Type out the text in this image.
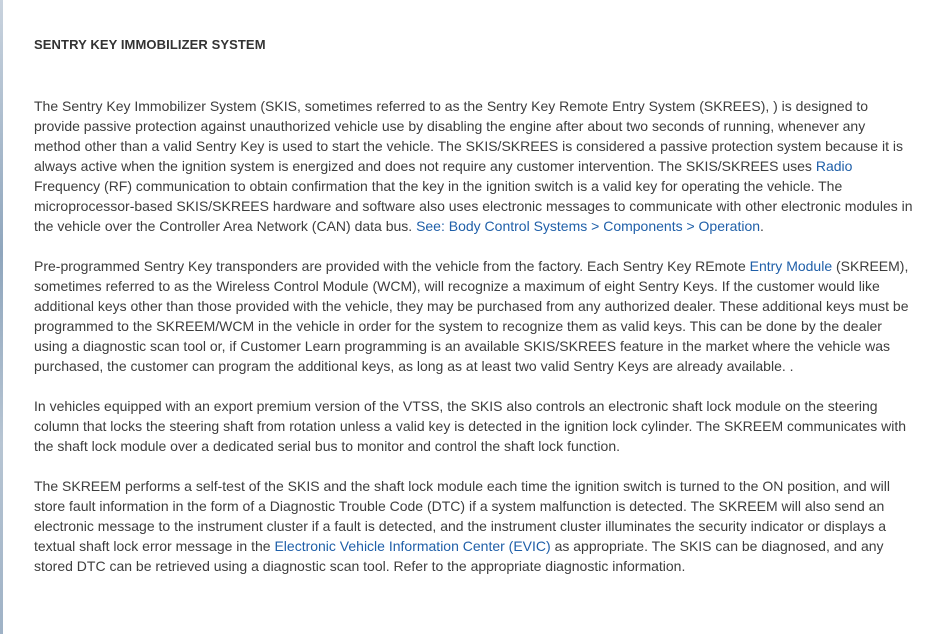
SENTRY KEY IMMOBILIZER SYSTEM

The Sentry Key Immobilizer System (SKIS, sometimes referred to as the Sentry Key Remote Entry System (SKREES), ) is designed to provide passive protection against unauthorized vehicle use by disabling the engine after about two seconds of running, whenever any method other than a valid Sentry Key is used to start the vehicle. The SKIS/SKREES is considered a passive protection system because it is always active when the ignition system is energized and does not require any customer intervention. The SKIS/SKREES uses Radio Frequency (RF) communication to obtain confirmation that the key in the ignition switch is a valid key for operating the vehicle. The microprocessor-based SKIS/SKREES hardware and software also uses electronic messages to communicate with other electronic modules in the vehicle over the Controller Area Network (CAN) data bus. See: Body Control Systems > Components > Operation.

Pre-programmed Sentry Key transponders are provided with the vehicle from the factory. Each Sentry Key REmote Entry Module (SKREEM), sometimes referred to as the Wireless Control Module (WCM), will recognize a maximum of eight Sentry Keys. If the customer would like additional keys other than those provided with the vehicle, they may be purchased from any authorized dealer. These additional keys must be programmed to the SKREEM/WCM in the vehicle in order for the system to recognize them as valid keys. This can be done by the dealer using a diagnostic scan tool or, if Customer Learn programming is an available SKIS/SKREES feature in the market where the vehicle was purchased, the customer can program the additional keys, as long as at least two valid Sentry Keys are already available. .

In vehicles equipped with an export premium version of the VTSS, the SKIS also controls an electronic shaft lock module on the steering column that locks the steering shaft from rotation unless a valid key is detected in the ignition lock cylinder. The SKREEM communicates with the shaft lock module over a dedicated serial bus to monitor and control the shaft lock function.

The SKREEM performs a self-test of the SKIS and the shaft lock module each time the ignition switch is turned to the ON position, and will store fault information in the form of a Diagnostic Trouble Code (DTC) if a system malfunction is detected. The SKREEM will also send an electronic message to the instrument cluster if a fault is detected, and the instrument cluster illuminates the security indicator or displays a textual shaft lock error message in the Electronic Vehicle Information Center (EVIC) as appropriate. The SKIS can be diagnosed, and any stored DTC can be retrieved using a diagnostic scan tool. Refer to the appropriate diagnostic information.
